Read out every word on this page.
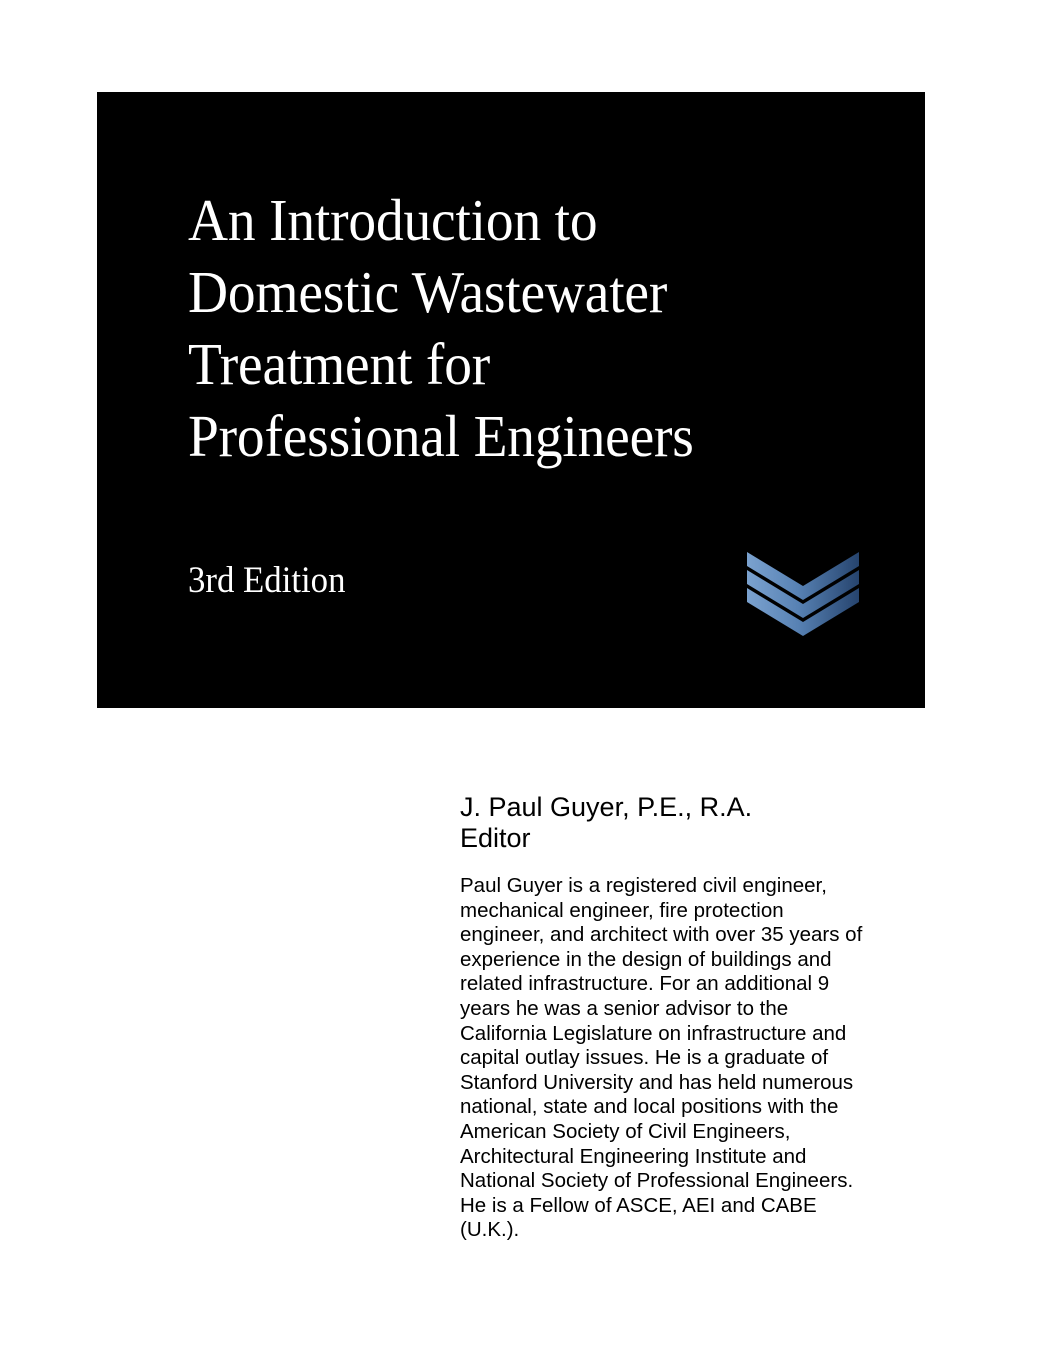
An Introduction to
Domestic Wastewater
Treatment for
Professional Engineers
3rd Edition
J. Paul Guyer, P.E., R.A.
Editor
Paul Guyer is a registered civil engineer, mechanical engineer, fire protection engineer, and architect with over 35 years of experience in the design of buildings and related infrastructure. For an additional 9 years he was a senior advisor to the California Legislature on infrastructure and capital outlay issues. He is a graduate of Stanford University and has held numerous national, state and local positions with the American Society of Civil Engineers, Architectural Engineering Institute and National Society of Professional Engineers. He is a Fellow of ASCE, AEI and CABE (U.K.).
